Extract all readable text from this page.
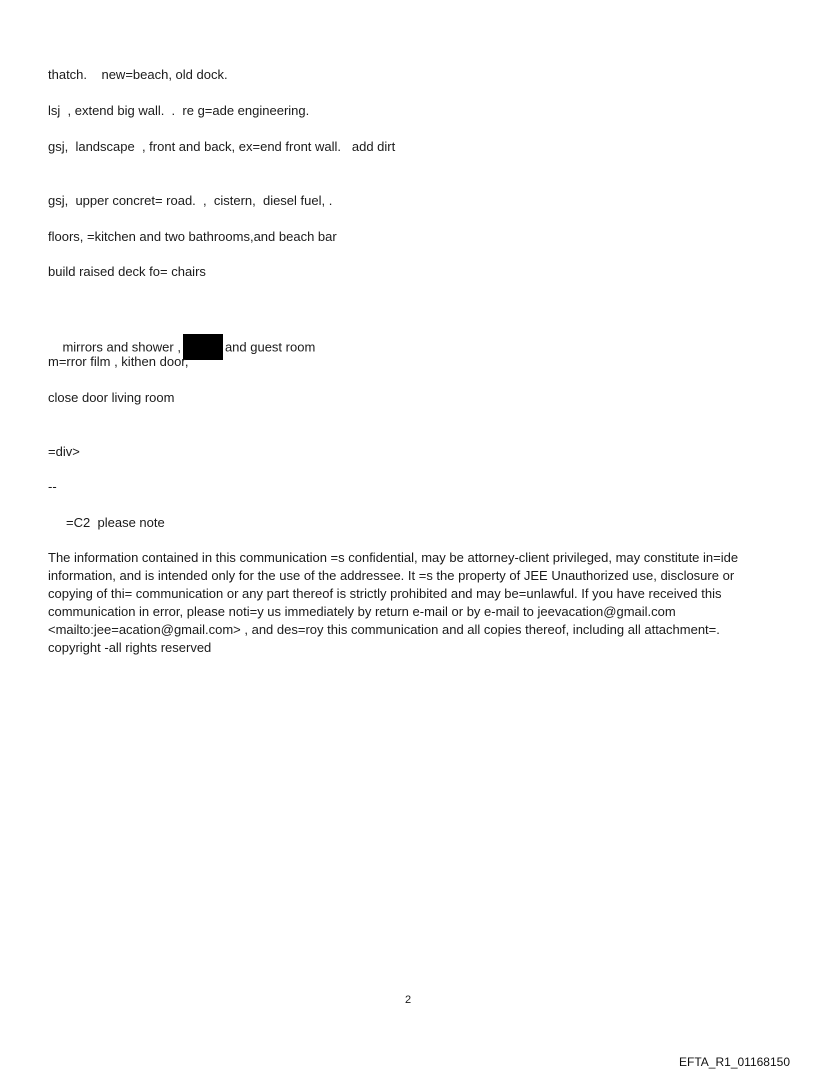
thatch.    new=beach, old dock.
lsj  , extend big wall.  .  re g=ade engineering.
gsj,  landscape  , front and back, ex=end front wall.   add dirt
gsj,  upper concret= road.  ,  cistern,  diesel fuel, .
floors, =kitchen and two bathrooms,and beach bar
build raised deck fo= chairs

mirrors and shower ,	and guest room

m=rror film , kithen door,
close door living room
=div>
--
=C2  please note
The information contained in this communication =s confidential, may be attorney-client privileged, may constitute in=ide information, and is intended only for the use of the addressee. It =s the property of JEE Unauthorized use, disclosure or copying of thi= communication or any part thereof is strictly prohibited and may be=unlawful. If you have received this communication in error, please noti=y us immediately by return e-mail or by e-mail to jeevacation@gmail.com <mailto:jee=acation@gmail.com> , and des=roy this communication and all copies thereof, including all attachment=. copyright -all rights reserved
2
EFTA_R1_01168150
